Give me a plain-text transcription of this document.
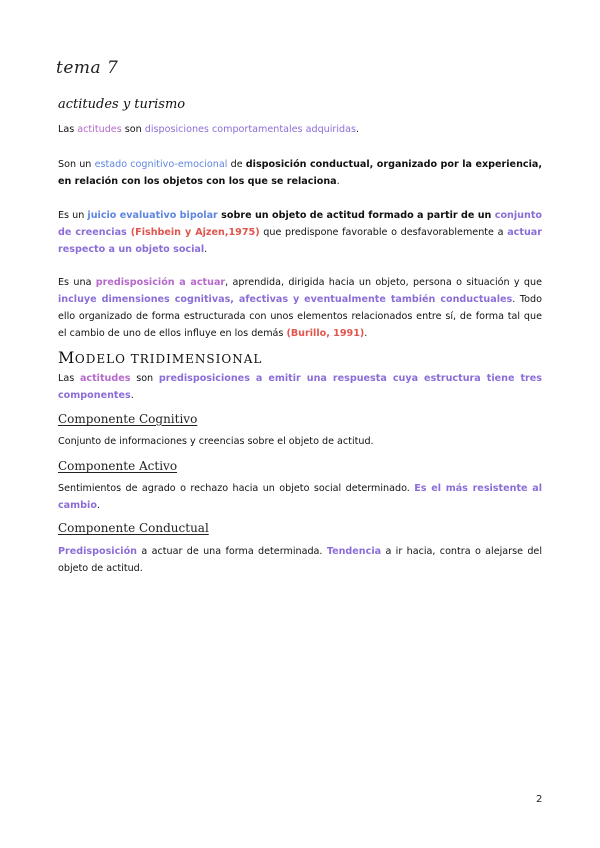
tema 7
actitudes y turismo

Las actitudes son disposiciones comportamentales adquiridas.

Son un estado cognitivo-emocional de disposición conductual, organizado por la experiencia, en relación con los objetos con los que se relaciona.

Es un juicio evaluativo bipolar sobre un objeto de actitud formado a partir de un conjunto de creencias (Fishbein y Ajzen,1975) que predispone favorable o desfavorablemente a actuar respecto a un objeto social.

Es una predisposición a actuar, aprendida, dirigida hacia un objeto, persona o situación y que incluye dimensiones cognitivas, afectivas y eventualmente también conductuales. Todo ello organizado de forma estructurada con unos elementos relacionados entre sí, de forma tal que el cambio de uno de ellos influye en los demás (Burillo, 1991).

MODELO TRIDIMENSIONAL

Las actitudes son predisposiciones a emitir una respuesta cuya estructura tiene tres componentes.

Componente Cognitivo

Conjunto de informaciones y creencias sobre el objeto de actitud.

Componente Activo

Sentimientos de agrado o rechazo hacia un objeto social determinado. Es el más resistente al cambio.

Componente Conductual

Predisposición a actuar de una forma determinada. Tendencia a ir hacia, contra o alejarse del objeto de actitud.

2
